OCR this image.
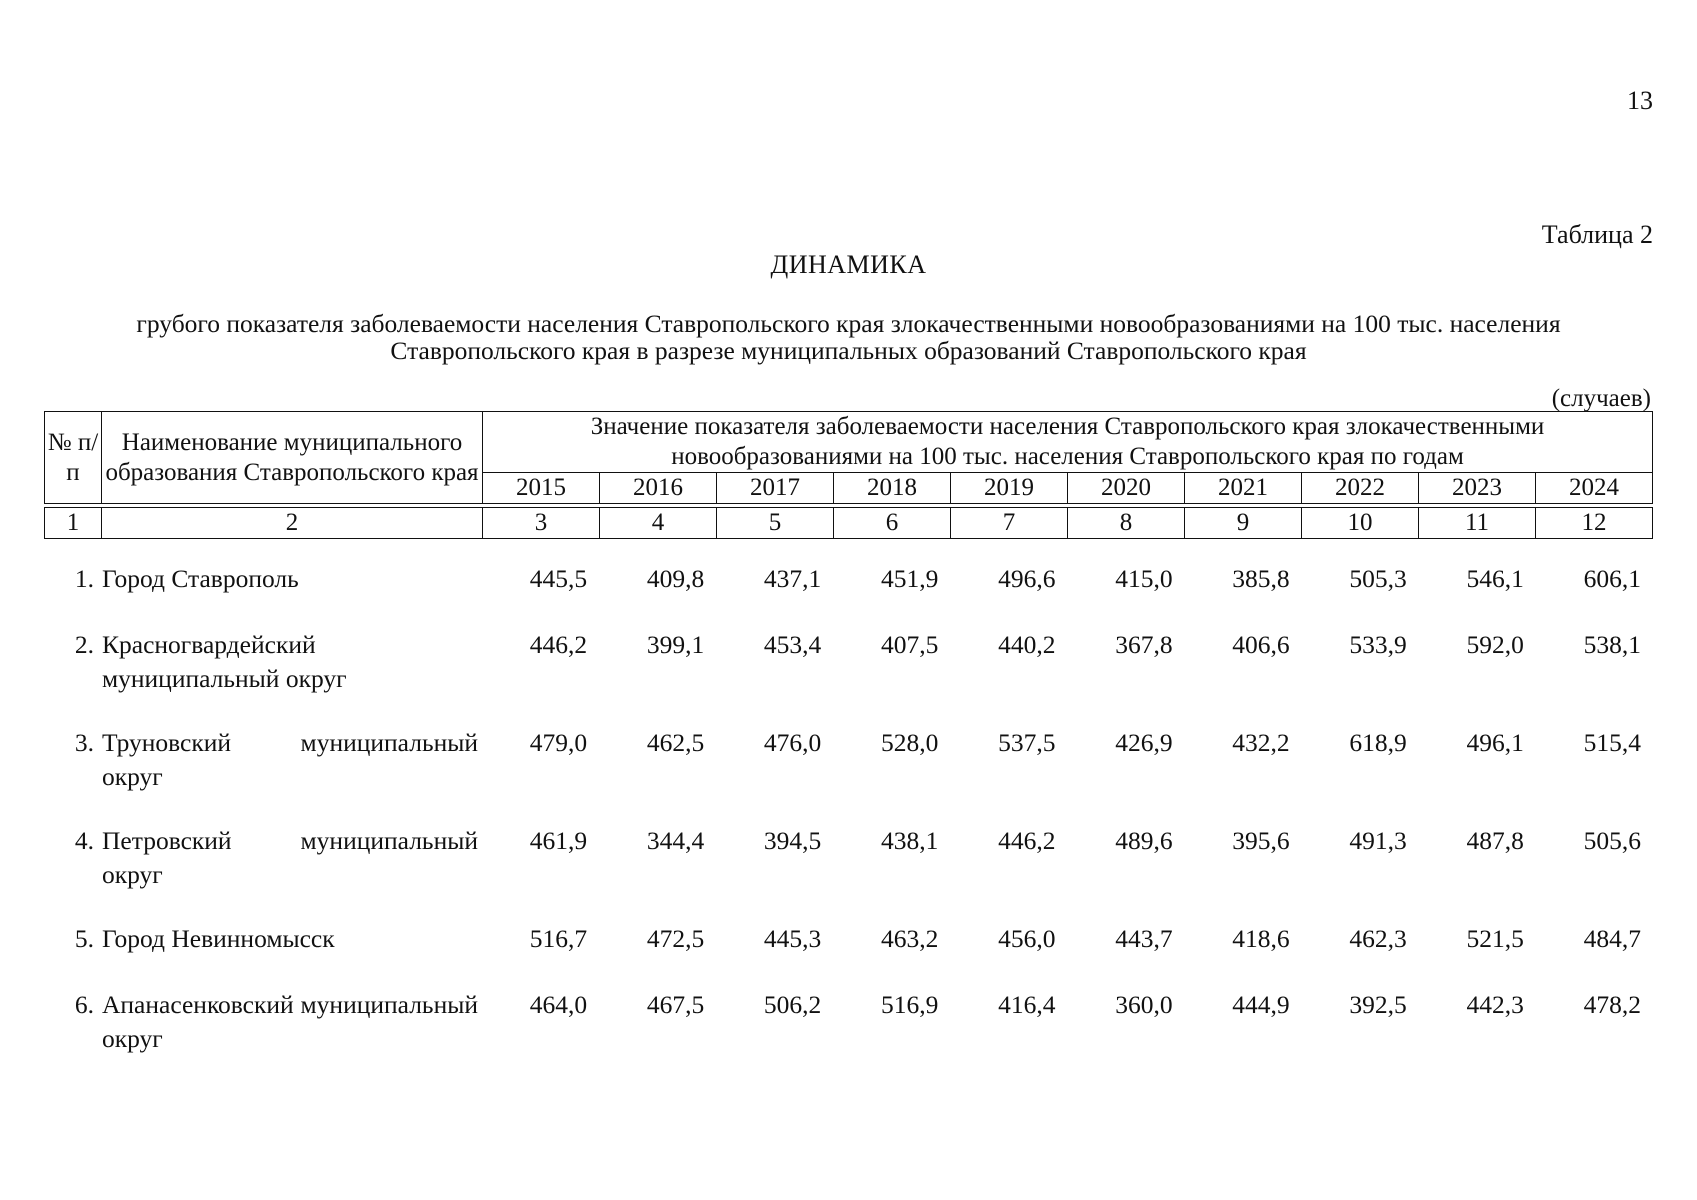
13
Таблица 2
ДИНАМИКА
грубого показателя заболеваемости населения Ставропольского края злокачественными новообразованиями на 100 тыс. населения
Ставропольского края в разрезе муниципальных образований Ставропольского края
(случаев)
№ п/п	Наименование муниципального образования Ставропольского края	Значение показателя заболеваемости населения Ставропольского края злокачественными новообразованиями на 100 тыс. населения Ставропольского края по годам									
		2015	2016	2017	2018	2019	2020	2021	2022	2023	2024

1	2	3	4	5	6	7	8	9	10	11	12
1.	Город Ставрополь	445,5	409,8	437,1	451,9	496,6	415,0	385,8	505,3	546,1	606,1
2.	Красногвардейский муниципальный округ	446,2	399,1	453,4	407,5	440,2	367,8	406,6	533,9	592,0	538,1
3.	Труновский муниципальный округ	479,0	462,5	476,0	528,0	537,5	426,9	432,2	618,9	496,1	515,4
4.	Петровский муниципальный округ	461,9	344,4	394,5	438,1	446,2	489,6	395,6	491,3	487,8	505,6
5.	Город Невинномысск	516,7	472,5	445,3	463,2	456,0	443,7	418,6	462,3	521,5	484,7
6.	Апанасенковский муниципальный округ	464,0	467,5	506,2	516,9	416,4	360,0	444,9	392,5	442,3	478,2
